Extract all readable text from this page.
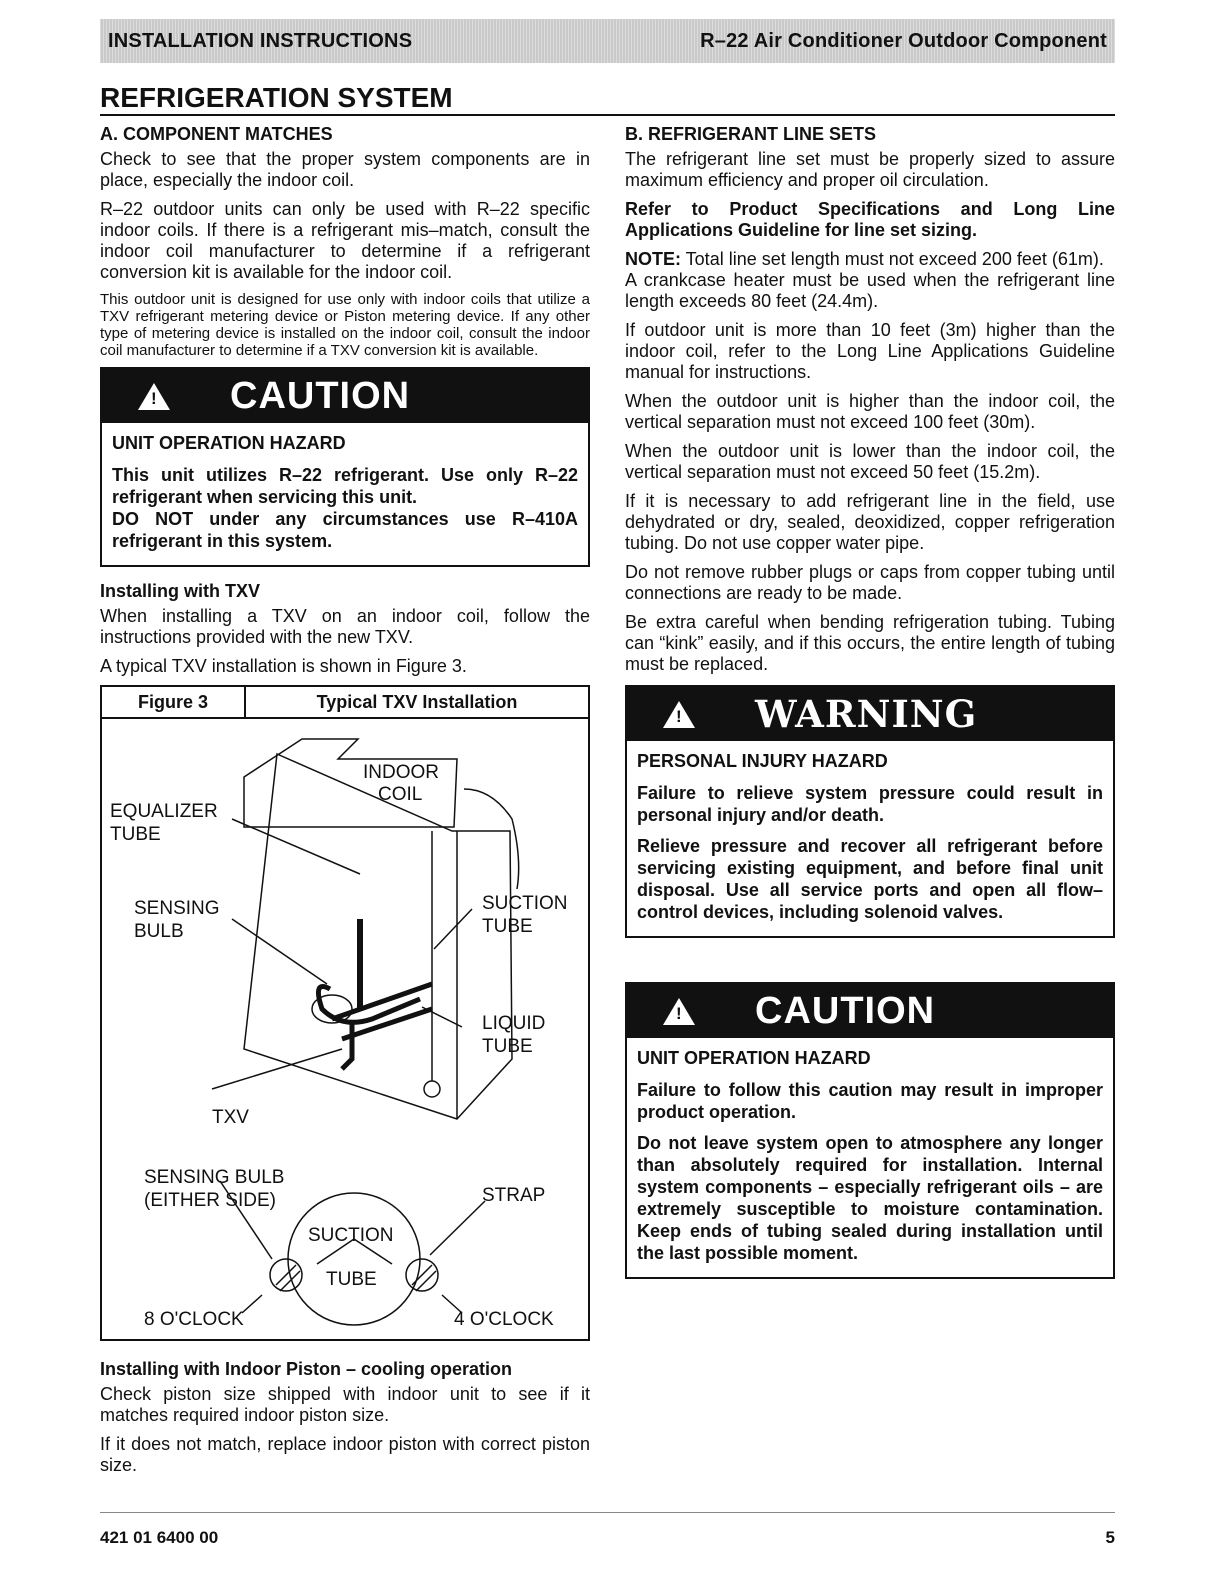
INSTALLATION INSTRUCTIONS	R–22 Air Conditioner Outdoor Component
REFRIGERATION SYSTEM
A. COMPONENT MATCHES

Check to see that the proper system components are in place, especially the indoor coil.

R–22 outdoor units can only be used with R–22 specific indoor coils. If there is a refrigerant mis–match, consult the indoor coil manufacturer to determine if a refrigerant conversion kit is available for the indoor coil.

This outdoor unit is designed for use only with indoor coils that utilize a TXV refrigerant metering device or Piston metering device. If any other type of metering device is installed on the indoor coil, consult the indoor coil manufacturer to determine if a TXV conversion kit is available.

!
CAUTION
UNIT OPERATION HAZARD

This unit utilizes R–22 refrigerant. Use only R–22 refrigerant when servicing this unit.

DO NOT under any circumstances use R–410A refrigerant in this system.

Installing with TXV

When installing a TXV on an indoor coil, follow the instructions provided with the new TXV.

A typical TXV installation is shown in Figure 3.

Figure 3	Typical TXV Installation
INDOOR
COIL
EQUALIZER
TUBE
SENSING
BULB
SUCTION
TUBE
LIQUID
TUBE
TXV
SENSING BULB
(EITHER SIDE)	STRAP
SUCTION
TUBE
8 O'CLOCK	4 O'CLOCK
Installing with Indoor Piston – cooling operation

Check piston size shipped with indoor unit to see if it matches required indoor piston size.

If it does not match, replace indoor piston with correct piston size.

B. REFRIGERANT LINE SETS

The refrigerant line set must be properly sized to assure maximum efficiency and proper oil circulation.

Refer to Product Specifications and Long Line Applications Guideline for line set sizing.

NOTE: Total line set length must not exceed 200 feet (61m).

A crankcase heater must be used when the refrigerant line length exceeds 80 feet (24.4m).

If outdoor unit is more than 10 feet (3m) higher than the indoor coil, refer to the Long Line Applications Guideline manual for instructions.

When the outdoor unit is higher than the indoor coil, the vertical separation must not exceed 100 feet (30m).

When the outdoor unit is lower than the indoor coil, the vertical separation must not exceed 50 feet (15.2m).

If it is necessary to add refrigerant line in the field, use dehydrated or dry, sealed, deoxidized, copper refrigeration tubing. Do not use copper water pipe.

Do not remove rubber plugs or caps from copper tubing until connections are ready to be made.

Be extra careful when bending refrigeration tubing. Tubing can “kink” easily, and if this occurs, the entire length of tubing must be replaced.

!
WARNING
PERSONAL INJURY HAZARD

Failure to relieve system pressure could result in personal injury and/or death.

Relieve pressure and recover all refrigerant before servicing existing equipment, and before final unit disposal. Use all service ports and open all flow–control devices, including solenoid valves.

!
CAUTION
UNIT OPERATION HAZARD

Failure to follow this caution may result in improper product operation.

Do not leave system open to atmosphere any longer than absolutely required for installation. Internal system components – especially refrigerant oils – are extremely susceptible to moisture contamination. Keep ends of tubing sealed during installation until the last possible moment.

421 01 6400 00	5
